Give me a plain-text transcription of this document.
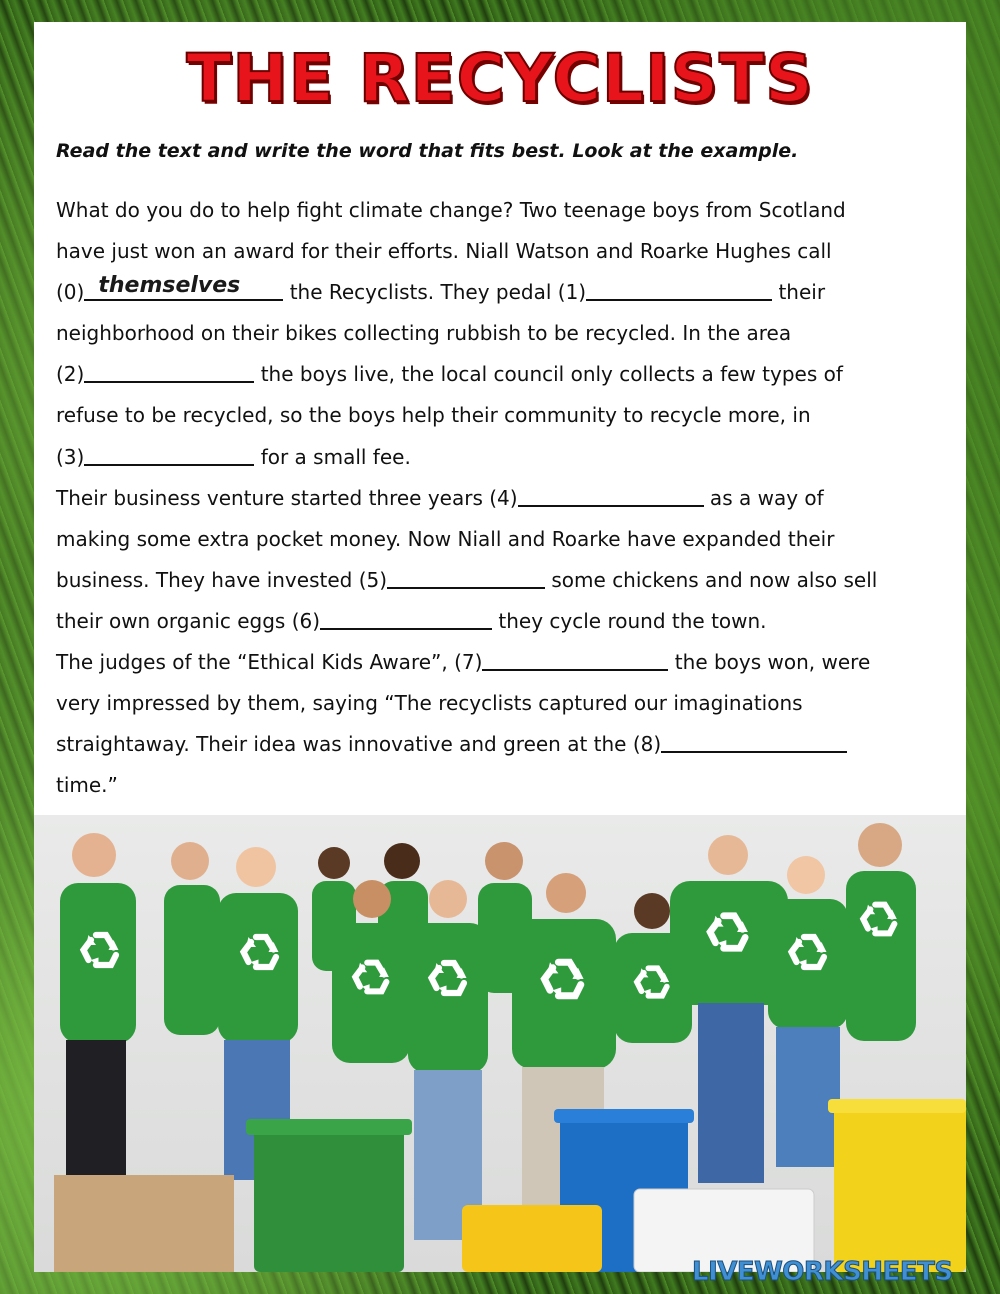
THE RECYCLISTS
Read the text and write the word that fits best. Look at the example.
What do you do to help fight climate change? Two teenage boys from Scotland
have just won an award for their efforts. Niall Watson and Roarke Hughes call
(0) themselves the Recyclists. They pedal (1)	their
neighborhood on their bikes collecting rubbish to be recycled. In the area
(2)	the boys live, the local council only collects a few types of
refuse to be recycled, so the boys help their community to recycle more, in
(3)	for a small fee.
Their business venture started three years (4)	as a way of
making some extra pocket money. Now Niall and Roarke have expanded their
business. They have invested (5)	some chickens and now also sell
their own organic eggs (6)	they cycle round the town.
The judges of the “Ethical Kids Aware”, (7)	the boys won, were
very impressed by them, saying “The recyclists captured our imaginations
straightaway. Their idea was innovative and green at the (8)
time.”
LIVEWORKSHEETS
